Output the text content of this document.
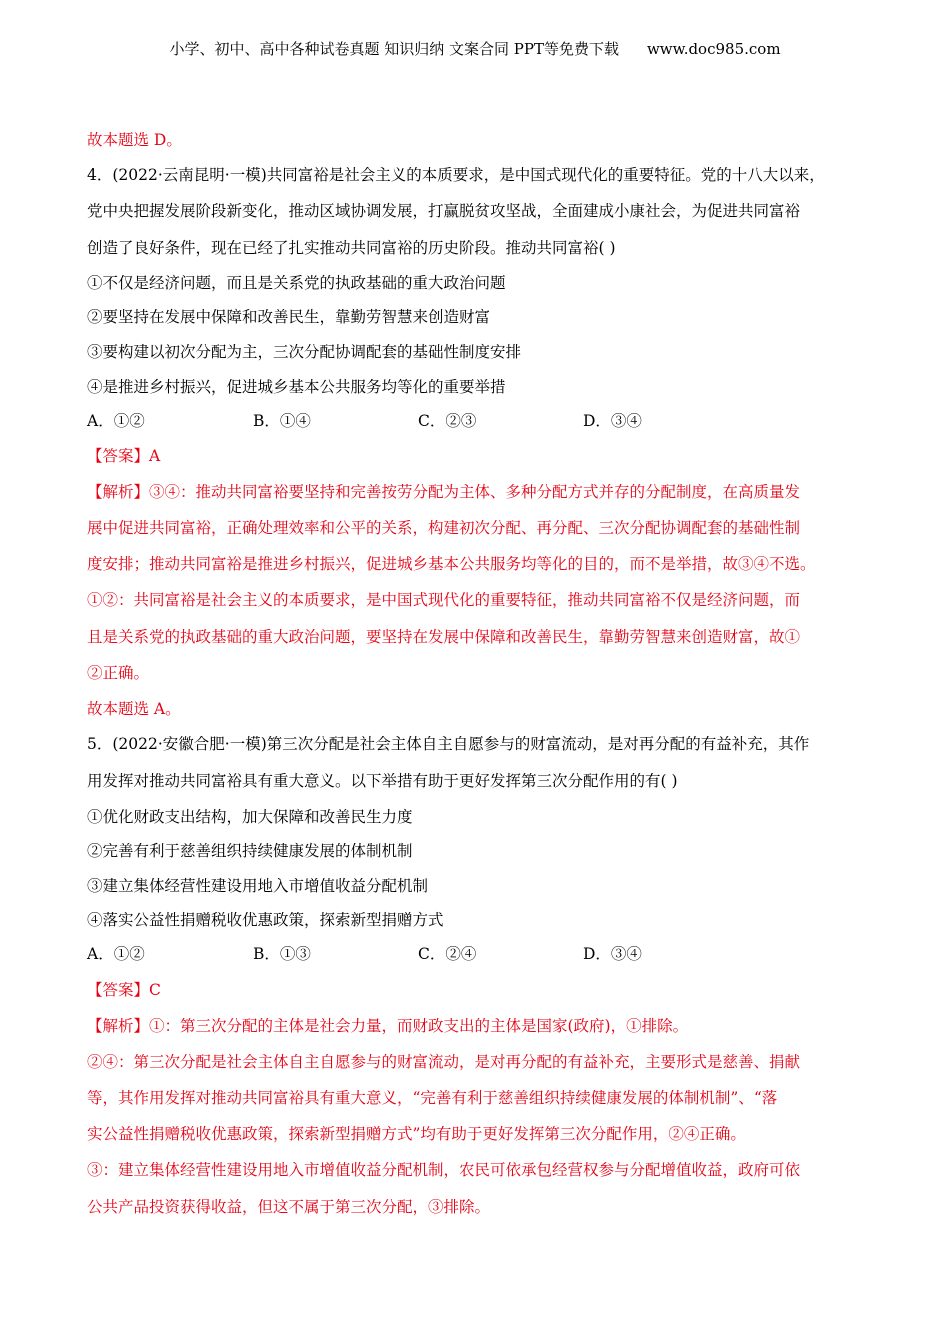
小学、初中、高中各种试卷真题 知识归纳 文案合同 PPT等免费下载 www.doc985.com
故本题选 D。
4．(2022·云南昆明·一模)共同富裕是社会主义的本质要求，是中国式现代化的重要特征。党的十八大以来，
党中央把握发展阶段新变化，推动区域协调发展，打赢脱贫攻坚战，全面建成小康社会，为促进共同富裕
创造了良好条件，现在已经了扎实推动共同富裕的历史阶段。推动共同富裕( )
①不仅是经济问题，而且是关系党的执政基础的重大政治问题
②要坚持在发展中保障和改善民生，靠勤劳智慧来创造财富
③要构建以初次分配为主，三次分配协调配套的基础性制度安排
④是推进乡村振兴，促进城乡基本公共服务均等化的重要举措
A．①②	B．①④	C．②③	D．③④
【答案】A
【解析】③④：推动共同富裕要坚持和完善按劳分配为主体、多种分配方式并存的分配制度，在高质量发
展中促进共同富裕，正确处理效率和公平的关系，构建初次分配、再分配、三次分配协调配套的基础性制
度安排；推动共同富裕是推进乡村振兴，促进城乡基本公共服务均等化的目的，而不是举措，故③④不选。
①②：共同富裕是社会主义的本质要求，是中国式现代化的重要特征，推动共同富裕不仅是经济问题，而
且是关系党的执政基础的重大政治问题，要坚持在发展中保障和改善民生，靠勤劳智慧来创造财富，故①
②正确。
故本题选 A。
5．(2022·安徽合肥·一模)第三次分配是社会主体自主自愿参与的财富流动，是对再分配的有益补充，其作
用发挥对推动共同富裕具有重大意义。以下举措有助于更好发挥第三次分配作用的有( )
①优化财政支出结构，加大保障和改善民生力度
②完善有利于慈善组织持续健康发展的体制机制
③建立集体经营性建设用地入市增值收益分配机制
④落实公益性捐赠税收优惠政策，探索新型捐赠方式
A．①②	B．①③	C．②④	D．③④
【答案】C
【解析】①：第三次分配的主体是社会力量，而财政支出的主体是国家(政府)，①排除。
②④：第三次分配是社会主体自主自愿参与的财富流动，是对再分配的有益补充，主要形式是慈善、捐献
等，其作用发挥对推动共同富裕具有重大意义，“完善有利于慈善组织持续健康发展的体制机制”、“落
实公益性捐赠税收优惠政策，探索新型捐赠方式”均有助于更好发挥第三次分配作用，②④正确。
③：建立集体经营性建设用地入市增值收益分配机制，农民可依承包经营权参与分配增值收益，政府可依
公共产品投资获得收益，但这不属于第三次分配，③排除。
